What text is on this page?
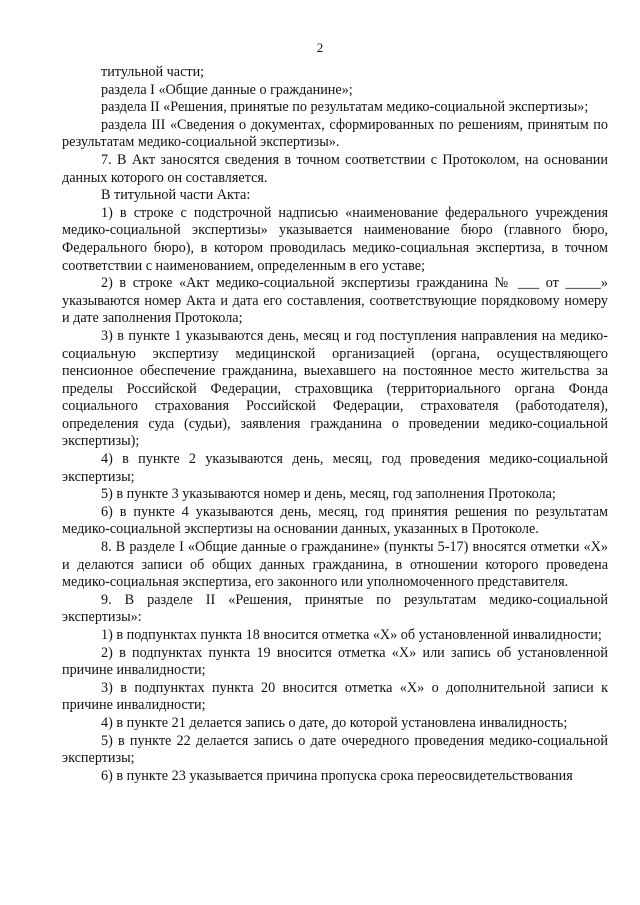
2

титульной части;

раздела I «Общие данные о гражданине»;

раздела II «Решения, принятые по результатам медико-социальной экспертизы»;

раздела III «Сведения о документах, сформированных по решениям, принятым по результатам медико-социальной экспертизы».

7. В Акт заносятся сведения в точном соответствии с Протоколом, на основании данных которого он составляется.

В титульной части Акта:

1) в строке с подстрочной надписью «наименование федерального учреждения медико-социальной экспертизы» указывается наименование бюро (главного бюро, Федерального бюро), в котором проводилась медико-социальная экспертиза, в точном соответствии с наименованием, определенным в его уставе;

2) в строке «Акт медико-социальной экспертизы гражданина № ___ от _____» указываются номер Акта и дата его составления, соответствующие порядковому номеру и дате заполнения Протокола;

3) в пункте 1 указываются день, месяц и год поступления направления на медико-социальную экспертизу медицинской организацией (органа, осуществляющего пенсионное обеспечение гражданина, выехавшего на постоянное место жительства за пределы Российской Федерации, страховщика (территориального органа Фонда социального страхования Российской Федерации, страхователя (работодателя), определения суда (судьи), заявления гражданина о проведении медико-социальной экспертизы);

4) в пункте 2 указываются день, месяц, год проведения медико-социальной экспертизы;

5) в пункте 3 указываются номер и день, месяц, год заполнения Протокола;

6) в пункте 4 указываются день, месяц, год принятия решения по результатам медико-социальной экспертизы на основании данных, указанных в Протоколе.

8. В разделе I «Общие данные о гражданине» (пункты 5-17) вносятся отметки «Х» и делаются записи об общих данных гражданина, в отношении которого проведена медико-социальная экспертиза, его законного или уполномоченного представителя.

9. В разделе II «Решения, принятые по результатам медико-социальной экспертизы»:

1) в подпунктах пункта 18 вносится отметка «Х» об установленной инвалидности;

2) в подпунктах пункта 19 вносится отметка «Х» или запись об установленной причине инвалидности;

3) в подпунктах пункта 20 вносится отметка «Х» о дополнительной записи к причине инвалидности;

4) в пункте 21 делается запись о дате, до которой установлена инвалидность;

5) в пункте 22 делается запись о дате очередного проведения медико-социальной экспертизы;

6) в пункте 23 указывается причина пропуска срока переосвидетельствования
